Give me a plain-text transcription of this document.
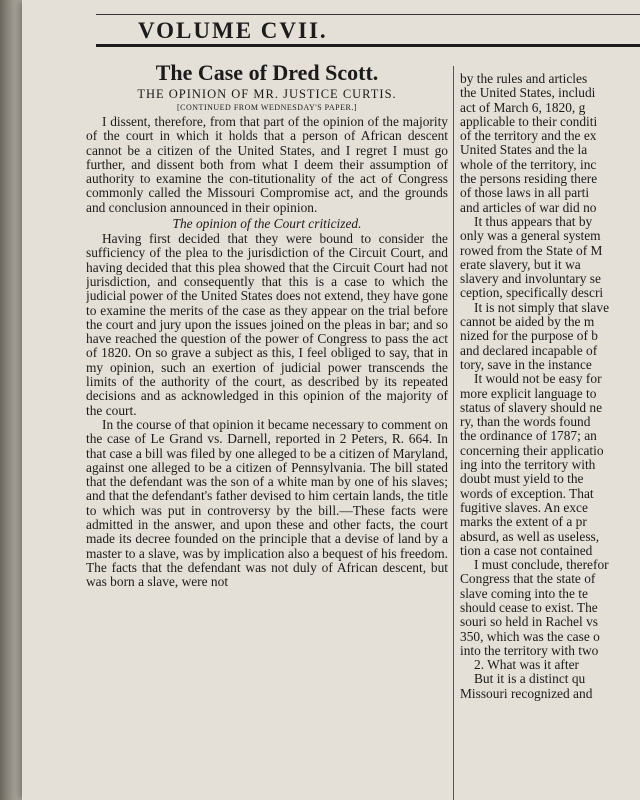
VOLUME CVII.
The Case of Dred Scott.
THE OPINION OF MR. JUSTICE CURTIS.
[CONTINUED FROM WEDNESDAY'S PAPER.]

I dissent, therefore, from that part of the opinion of the majority of the court in which it holds that a person of African descent cannot be a citizen of the United States, and I regret I must go further, and dissent both from what I deem their assumption of authority to examine the con-titutionality of the act of Congress commonly called the Missouri Compromise act, and the grounds and conclusion announced in their opinion.

The opinion of the Court criticized.

Having first decided that they were bound to consider the sufficiency of the plea to the jurisdiction of the Circuit Court, and having decided that this plea showed that the Circuit Court had not jurisdiction, and consequently that this is a case to which the judicial power of the United States does not extend, they have gone to examine the merits of the case as they appear on the trial before the court and jury upon the issues joined on the pleas in bar; and so have reached the question of the power of Congress to pass the act of 1820. On so grave a subject as this, I feel obliged to say, that in my opinion, such an exertion of judicial power transcends the limits of the authority of the court, as described by its repeated decisions and as acknowledged in this opinion of the majority of the court.

In the course of that opinion it became necessary to comment on the case of Le Grand vs. Darnell, reported in 2 Peters, R. 664. In that case a bill was filed by one alleged to be a citizen of Maryland, against one alleged to be a citizen of Pennsylvania. The bill stated that the defendant was the son of a white man by one of his slaves; and that the defendant's father devised to him certain lands, the title to which was put in controversy by the bill.—These facts were admitted in the answer, and upon these and other facts, the court made its decree founded on the principle that a devise of land by a master to a slave, was by implication also a bequest of his freedom. The facts that the defendant was not duly of African descent, but was born a slave, were not

by the rules and articles
the United States, includi
act of March 6, 1820, g
applicable to their conditi
of the territory and the ex
United States and the la
whole of the territory, inc
the persons residing there
of those laws in all parti
and articles of war did no
It thus appears that by
only was a general system
rowed from the State of M
erate slavery, but it wa
slavery and involuntary se
ception, specifically descri
It is not simply that slave
cannot be aided by the m
nized for the purpose of b
and declared incapable of
tory, save in the instance
It would not be easy for
more explicit language to
status of slavery should ne
ry, than the words found
the ordinance of 1787; an
concerning their applicatio
ing into the territory with
doubt must yield to the
words of exception. That
fugitive slaves. An exce
marks the extent of a pr
absurd, as well as useless,
tion a case not contained
I must conclude, therefor
Congress that the state of
slave coming into the te
should cease to exist. The
souri so held in Rachel vs
350, which was the case o
into the territory with two
2. What was it after
But it is a distinct qu
Missouri recognized and
